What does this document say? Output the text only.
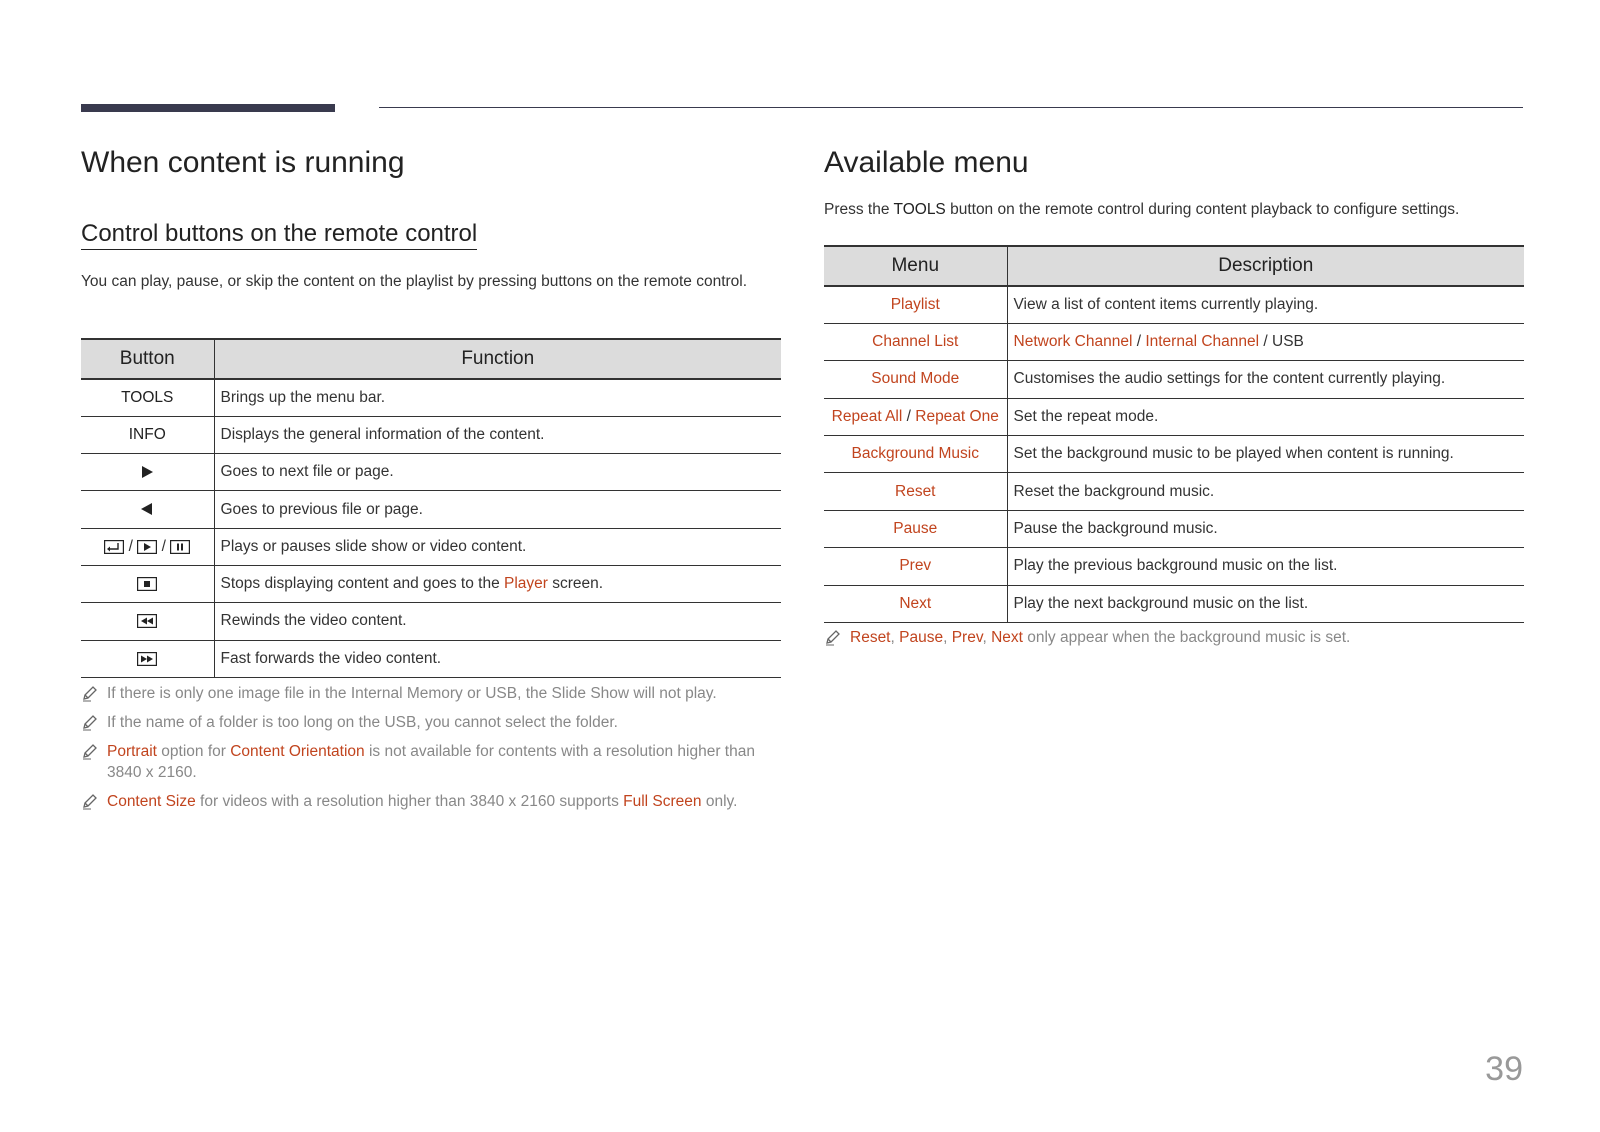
When content is running
Control buttons on the remote control

You can play, pause, or skip the content on the playlist by pressing buttons on the remote control.

Button	Function
TOOLS	Brings up the menu bar.
INFO	Displays the general information of the content.
	Goes to next file or page.
	Goes to previous file or page.
/ /	Plays or pauses slide show or video content.
	Stops displaying content and goes to the Player screen.
	Rewinds the video content.
	Fast forwards the video content.
If there is only one image file in the Internal Memory or USB, the Slide Show will not play.
If the name of a folder is too long on the USB, you cannot select the folder.
Portrait option for Content Orientation is not available for contents with a resolution higher than 3840 x 2160.
Content Size for videos with a resolution higher than 3840 x 2160 supports Full Screen only.
Available menu

Press the TOOLS button on the remote control during content playback to configure settings.

Menu	Description
Playlist	View a list of content items currently playing.
Channel List	Network Channel / Internal Channel / USB
Sound Mode	Customises the audio settings for the content currently playing.
Repeat All / Repeat One	Set the repeat mode.
Background Music	Set the background music to be played when content is running.
Reset	Reset the background music.
Pause	Pause the background music.
Prev	Play the previous background music on the list.
Next	Play the next background music on the list.
Reset, Pause, Prev, Next only appear when the background music is set.
39
